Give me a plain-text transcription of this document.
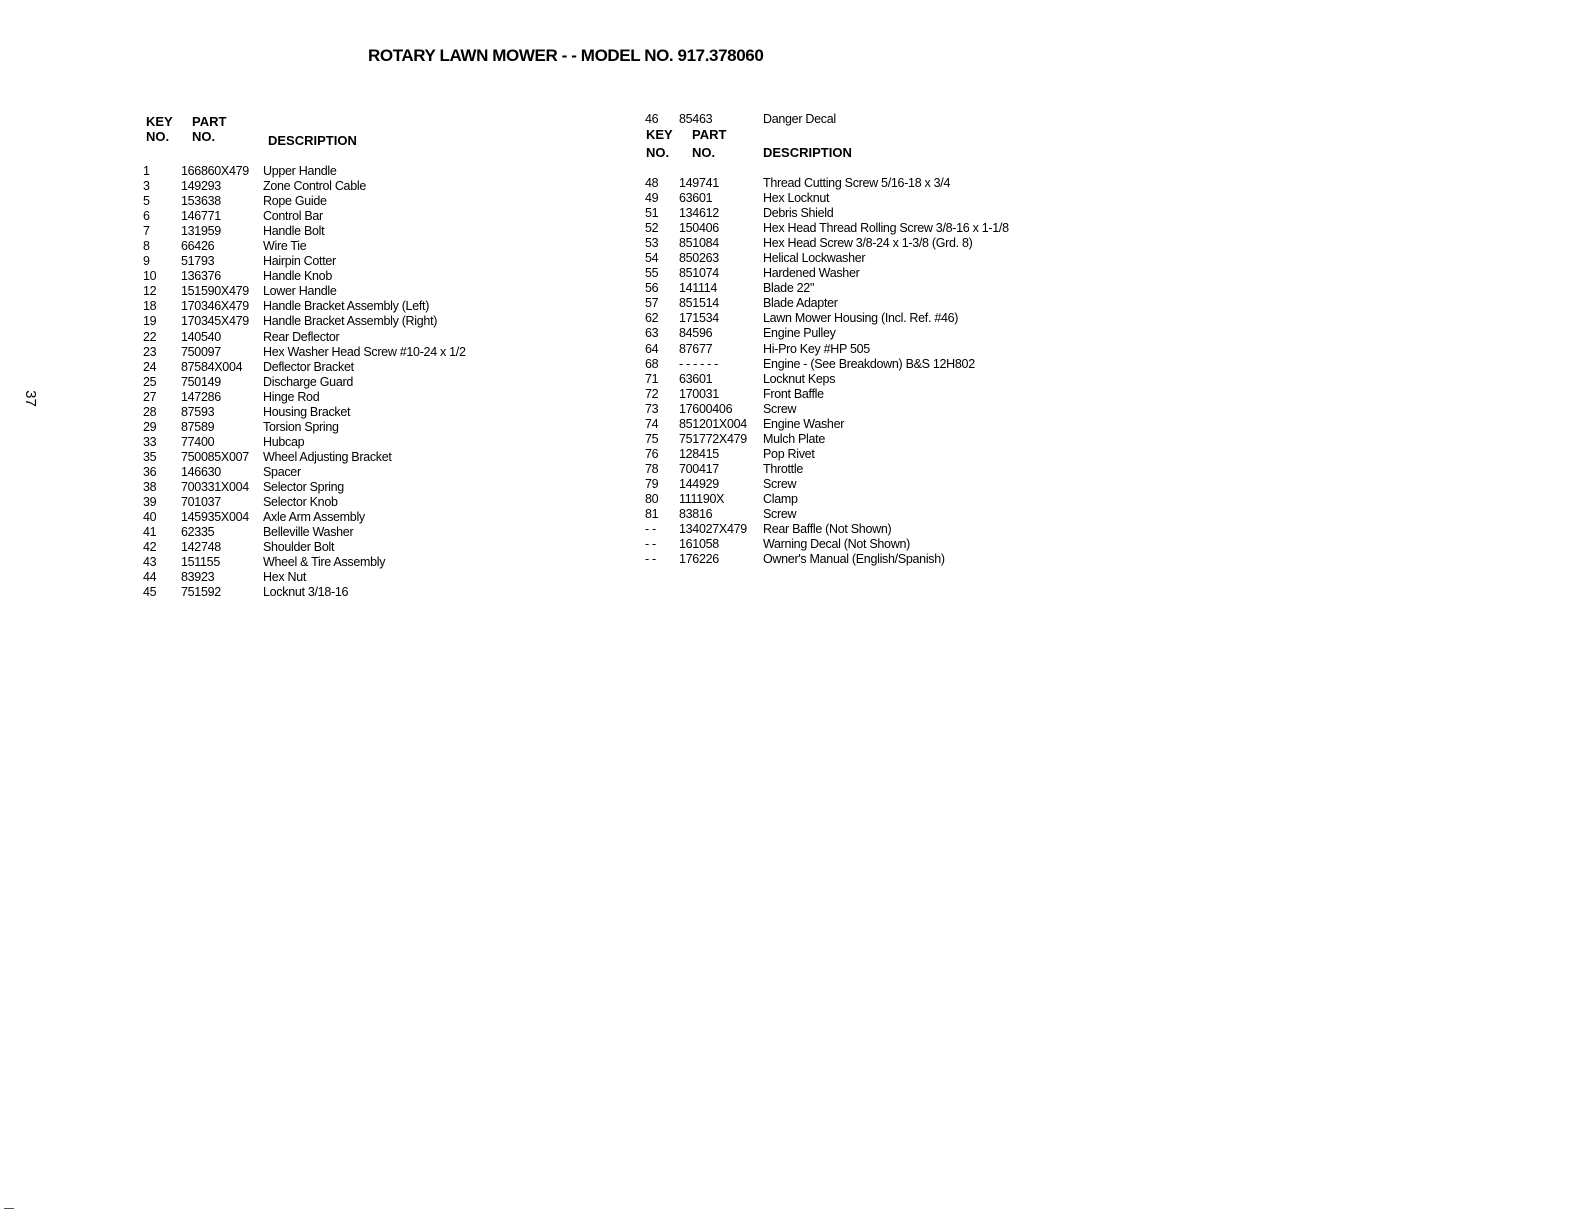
ROTARY LAWN MOWER - - MODEL NO. 917.378060
37
KEY
NO.
PART
NO.	DESCRIPTION
1	166860X479 Upper Handle
3	149293	Zone Control Cable
5	153638	Rope Guide
6	146771	Control Bar
7	131959	Handle Bolt
8	66426	Wire Tie
9	51793	Hairpin Cotter
10 136376	Handle Knob
12 151590X479 Lower Handle
18 170346X479 Handle Bracket Assembly (Left)
19 170345X479 Handle Bracket Assembly (Right)
22 140540	Rear Deflector
23 750097	Hex Washer Head Screw #10-24 x 1/2
24 87584X004 Deflector Bracket
25 750149	Discharge Guard
27 147286	Hinge Rod
28 87593	Housing Bracket
29 87589	Torsion Spring
33 77400	Hubcap
35 750085X007 Wheel Adjusting Bracket
36 146630	Spacer
38 700331X004 Selector Spring
39 701037	Selector Knob
40 145935X004 Axle Arm Assembly
41 62335	Belleville Washer
42 142748	Shoulder Bolt
43 151155	Wheel & Tire Assembly
44 83923	Hex Nut
45 751592	Locknut 3/18-16
46 85463	Danger Decal
KEY
NO.
PART
NO.	DESCRIPTION
48 149741	Thread Cutting Screw 5/16-18 x 3/4
49 63601	Hex Locknut
51 134612	Debris Shield
52 150406	Hex Head Thread Rolling Screw 3/8-16 x 1-1/8
53 851084	Hex Head Screw 3/8-24 x 1-3/8 (Grd. 8)
54 850263	Helical Lockwasher
55 851074	Hardened Washer
56 141114	Blade 22"
57 851514	Blade Adapter
62 171534	Lawn Mower Housing (Incl. Ref. #46)
63 84596	Engine Pulley
64 87677	Hi-Pro Key #HP 505
68 - - - - - -	Engine - (See Breakdown) B&S 12H802
71 63601	Locknut Keps
72 170031	Front Baffle
73 17600406 Screw
74 851201X004 Engine Washer
75 751772X479 Mulch Plate
76 128415	Pop Rivet
78 700417	Throttle
79 144929	Screw
80 111190X	Clamp
81 83816	Screw
- - 134027X479 Rear Baffle (Not Shown)
- - 161058	Warning Decal (Not Shown)
- - 176226	Owner's Manual (English/Spanish)
